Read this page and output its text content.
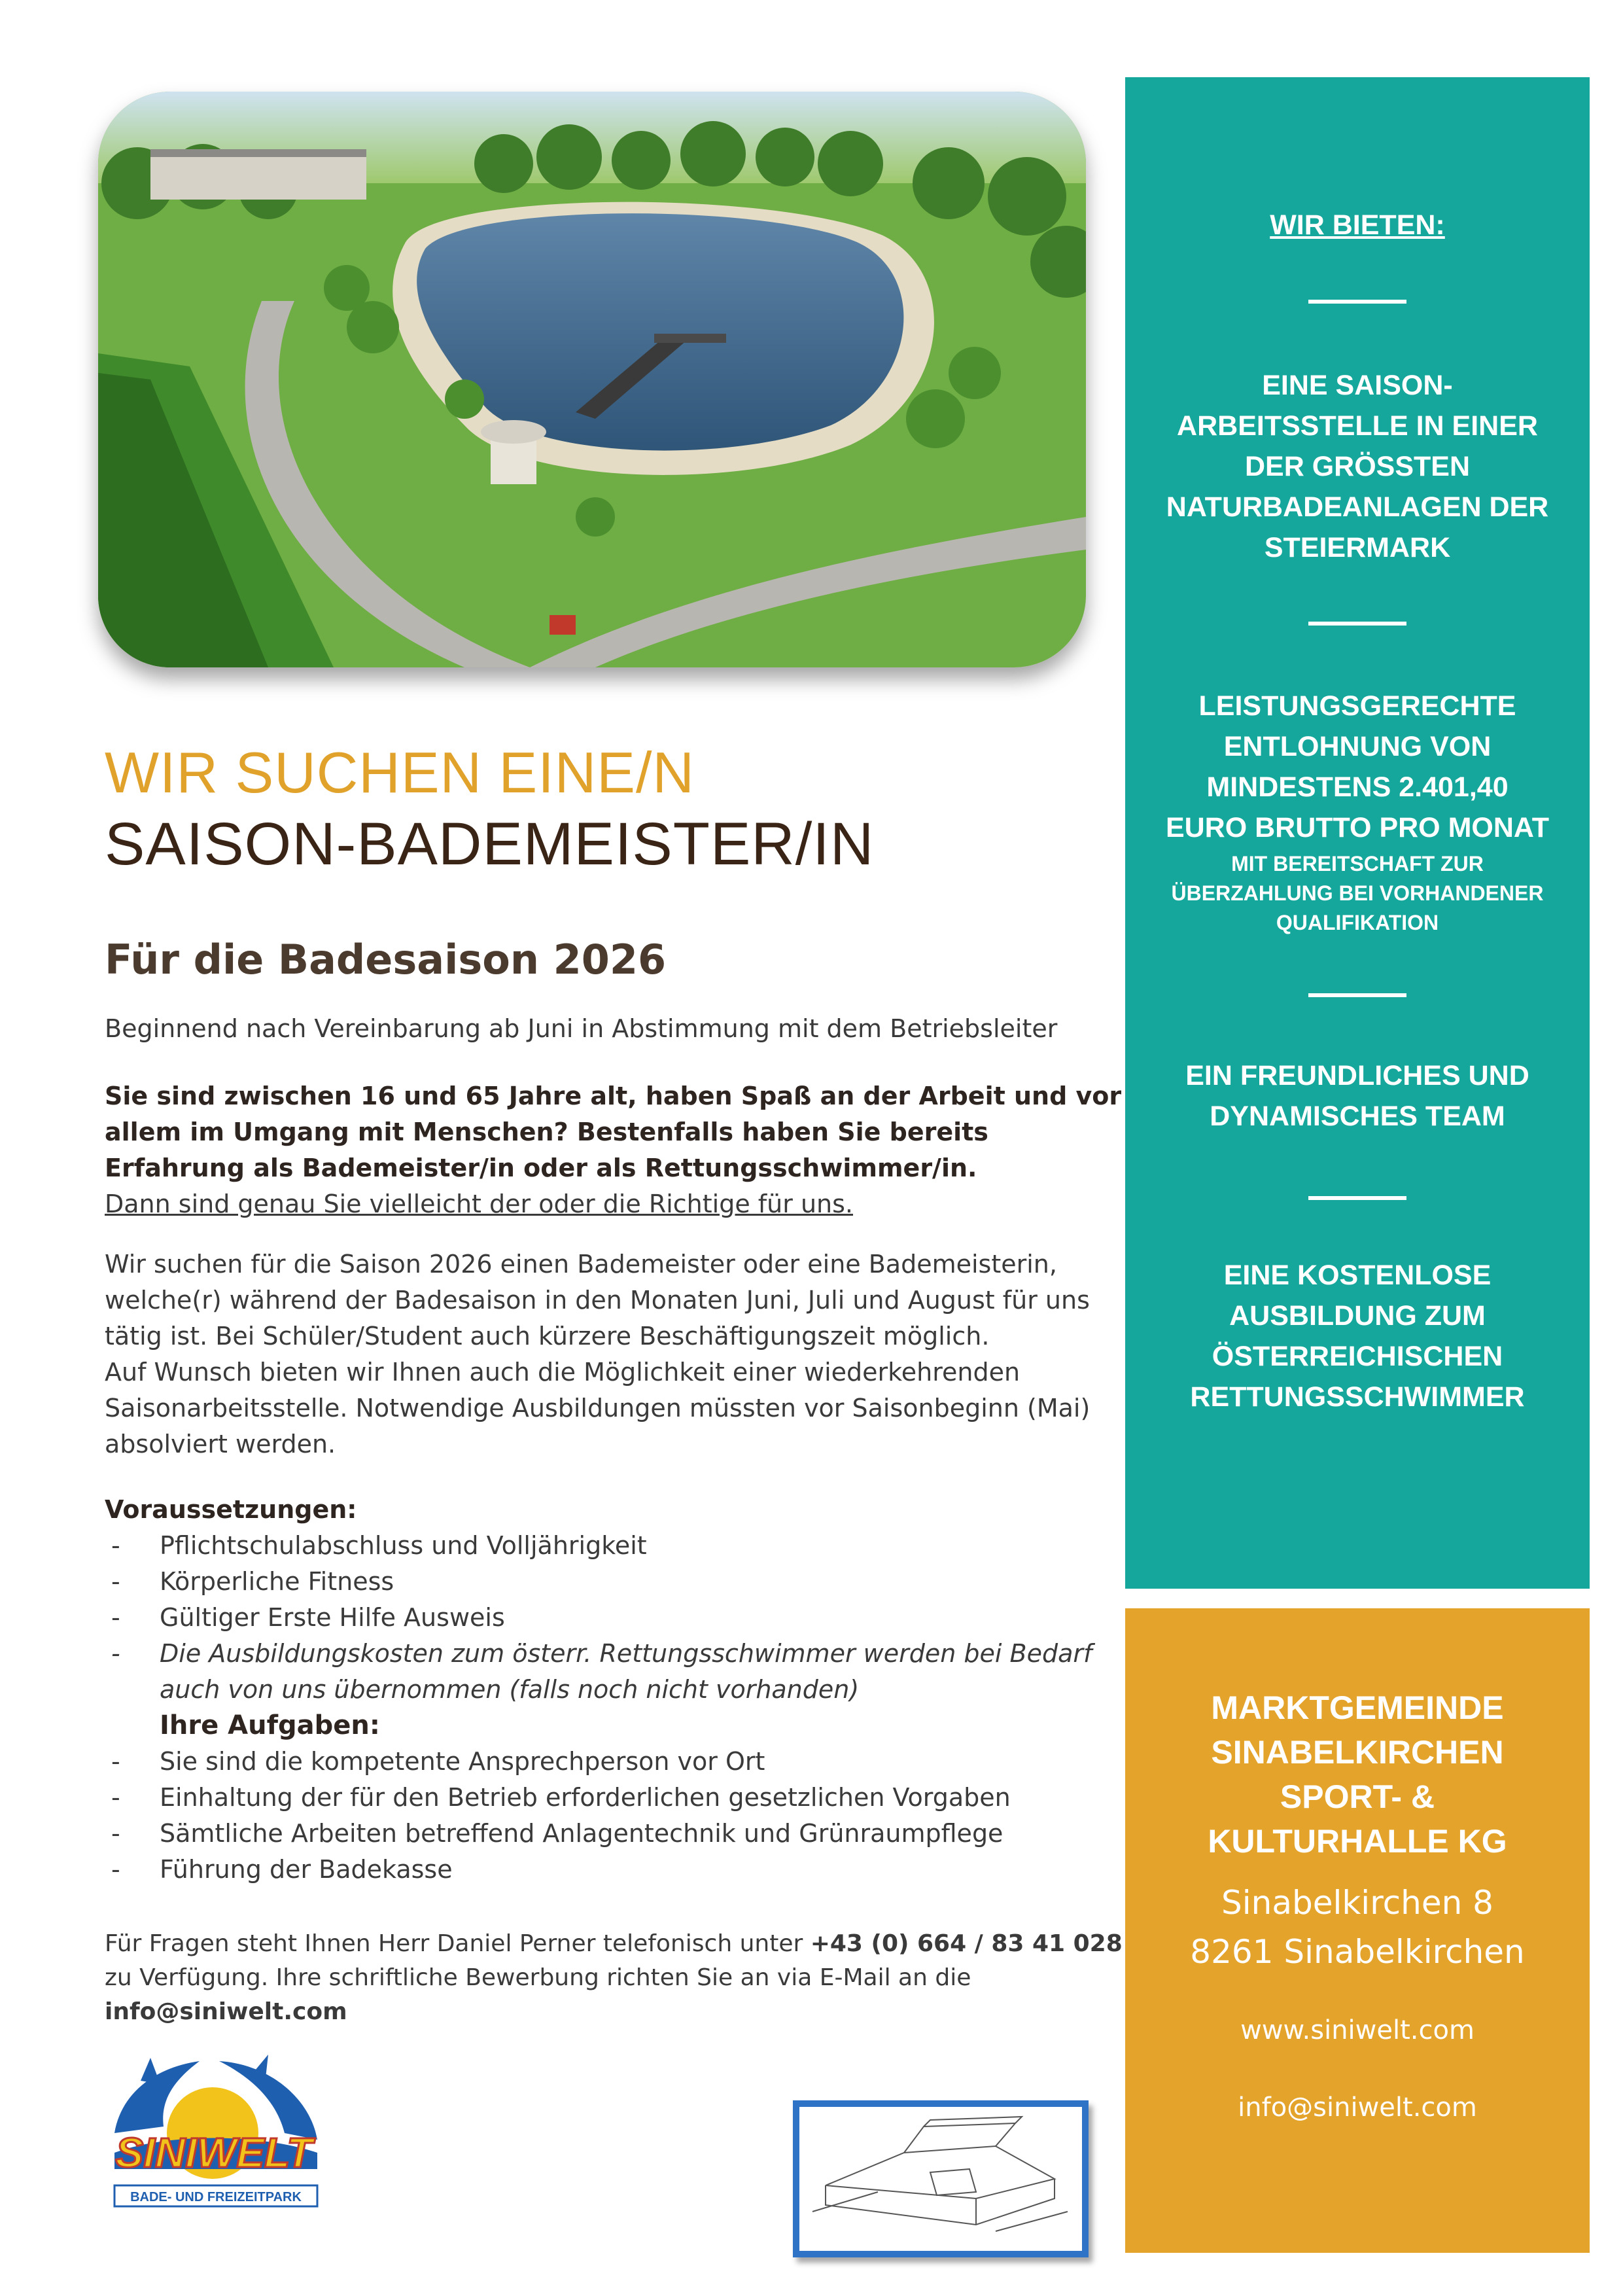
WIR SUCHEN EINE/N
SAISON-BADEMEISTER/IN
Für die Badesaison 2026
Beginnend nach Vereinbarung ab Juni in Abstimmung mit dem Betriebsleiter
Sie sind zwischen 16 und 65 Jahre alt, haben Spaß an der Arbeit und vor allem im Umgang mit Menschen? Bestenfalls haben Sie bereits Erfahrung als Bademeister/in oder als Rettungsschwimmer/in.
Dann sind genau Sie vielleicht der oder die Richtige für uns.
Wir suchen für die Saison 2026 einen Bademeister oder eine Bademeisterin, welche(r) während der Badesaison in den Monaten Juni, Juli und August für uns tätig ist. Bei Schüler/Student auch kürzere Beschäftigungszeit möglich.
Auf Wunsch bieten wir Ihnen auch die Möglichkeit einer wiederkehrenden Saisonarbeitsstelle. Notwendige Ausbildungen müssten vor Saisonbeginn (Mai) absolviert werden.
Voraussetzungen:
- Pflichtschulabschluss und Volljährigkeit
- Körperliche Fitness
- Gültiger Erste Hilfe Ausweis
- Die Ausbildungskosten zum österr. Rettungsschwimmer werden bei Bedarf auch von uns übernommen (falls noch nicht vorhanden)
Ihre Aufgaben:
- Sie sind die kompetente Ansprechperson vor Ort
- Einhaltung der für den Betrieb erforderlichen gesetzlichen Vorgaben
- Sämtliche Arbeiten betreffend Anlagentechnik und Grünraumpflege
- Führung der Badekasse
Für Fragen steht Ihnen Herr Daniel Perner telefonisch unter +43 (0) 664 / 83 41 028 zu Verfügung. Ihre schriftliche Bewerbung richten Sie an via E-Mail an die
info@siniwelt.com
WIR BIETEN:
EINE SAISON-ARBEITSSTELLE IN EINER DER GRÖSSTEN NATURBADEANLAGEN DER STEIERMARK
LEISTUNGSGERECHTE ENTLOHNUNG VON MINDESTENS 2.401,40 EURO BRUTTO PRO MONAT
MIT BEREITSCHAFT ZUR ÜBERZAHLUNG BEI VORHANDENER QUALIFIKATION
EIN FREUNDLICHES UND DYNAMISCHES TEAM
EINE KOSTENLOSE AUSBILDUNG ZUM ÖSTERREICHISCHEN RETTUNGSSCHWIMMER
MARKTGEMEINDE SINABELKIRCHEN SPORT- & KULTURHALLE KG
Sinabelkirchen 8
8261 Sinabelkirchen
www.siniwelt.com
info@siniwelt.com
SINIWELT
BADE- UND FREIZEITPARK
